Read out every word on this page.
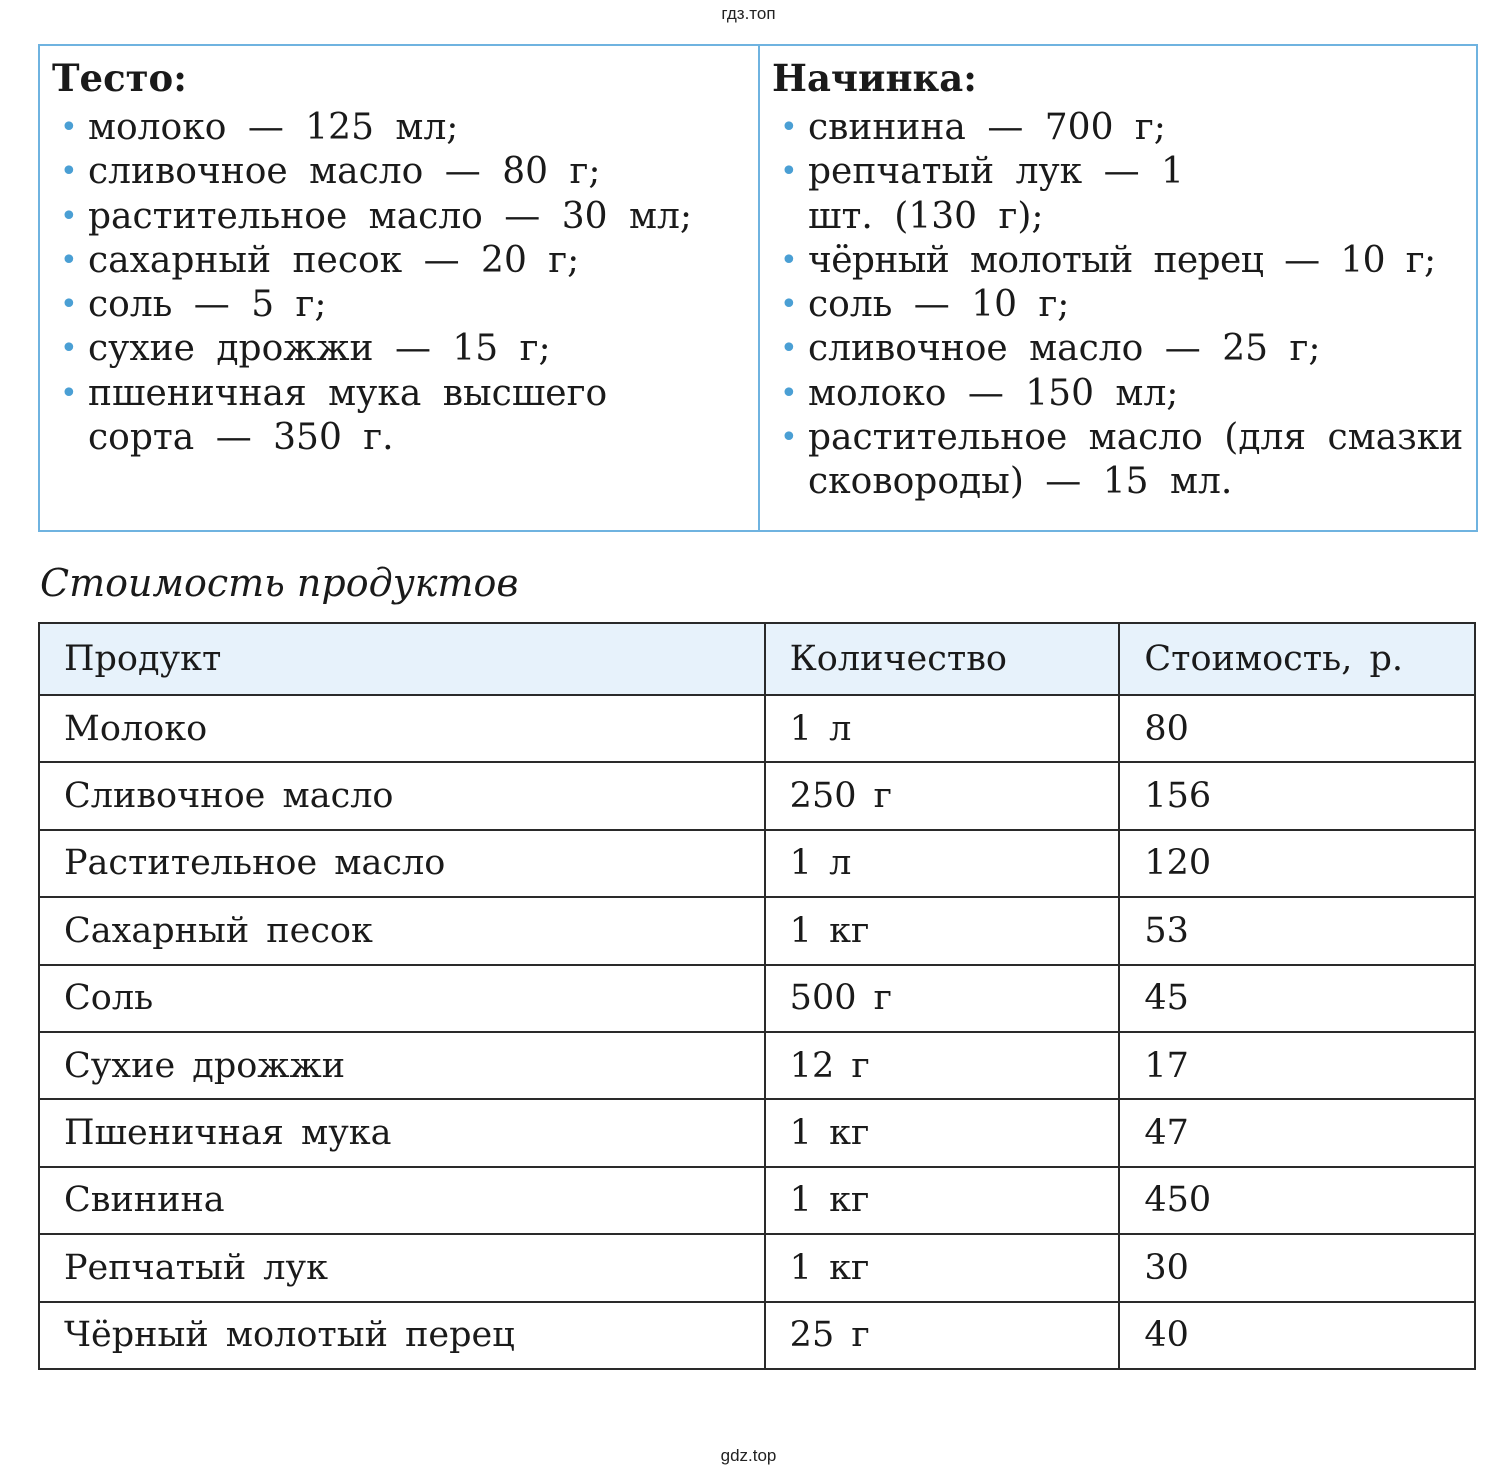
гдз.топ
Тесто:
• молоко — 125 мл;
• сливочное масло — 80 г;
• растительное масло — 30 мл;
• сахарный песок — 20 г;
• соль — 5 г;
• сухие дрожжи — 15 г;
• пшеничная мука высшего сорта — 350 г.
Начинка:
• свинина — 700 г;
• репчатый лук — 1 шт. (130 г);
• чёрный молотый перец — 10 г;
• соль — 10 г;
• сливочное масло — 25 г;
• молоко — 150 мл;
• растительное масло (для смазки сковороды) — 15 мл.
Стоимость продуктов
Продукт	Количество	Стоимость, р.
Молоко	1 л	80
Сливочное масло	250 г	156
Растительное масло	1 л	120
Сахарный песок	1 кг	53
Соль	500 г	45
Сухие дрожжи	12 г	17
Пшеничная мука	1 кг	47
Свинина	1 кг	450
Репчатый лук	1 кг	30
Чёрный молотый перец	25 г	40
gdz.top
